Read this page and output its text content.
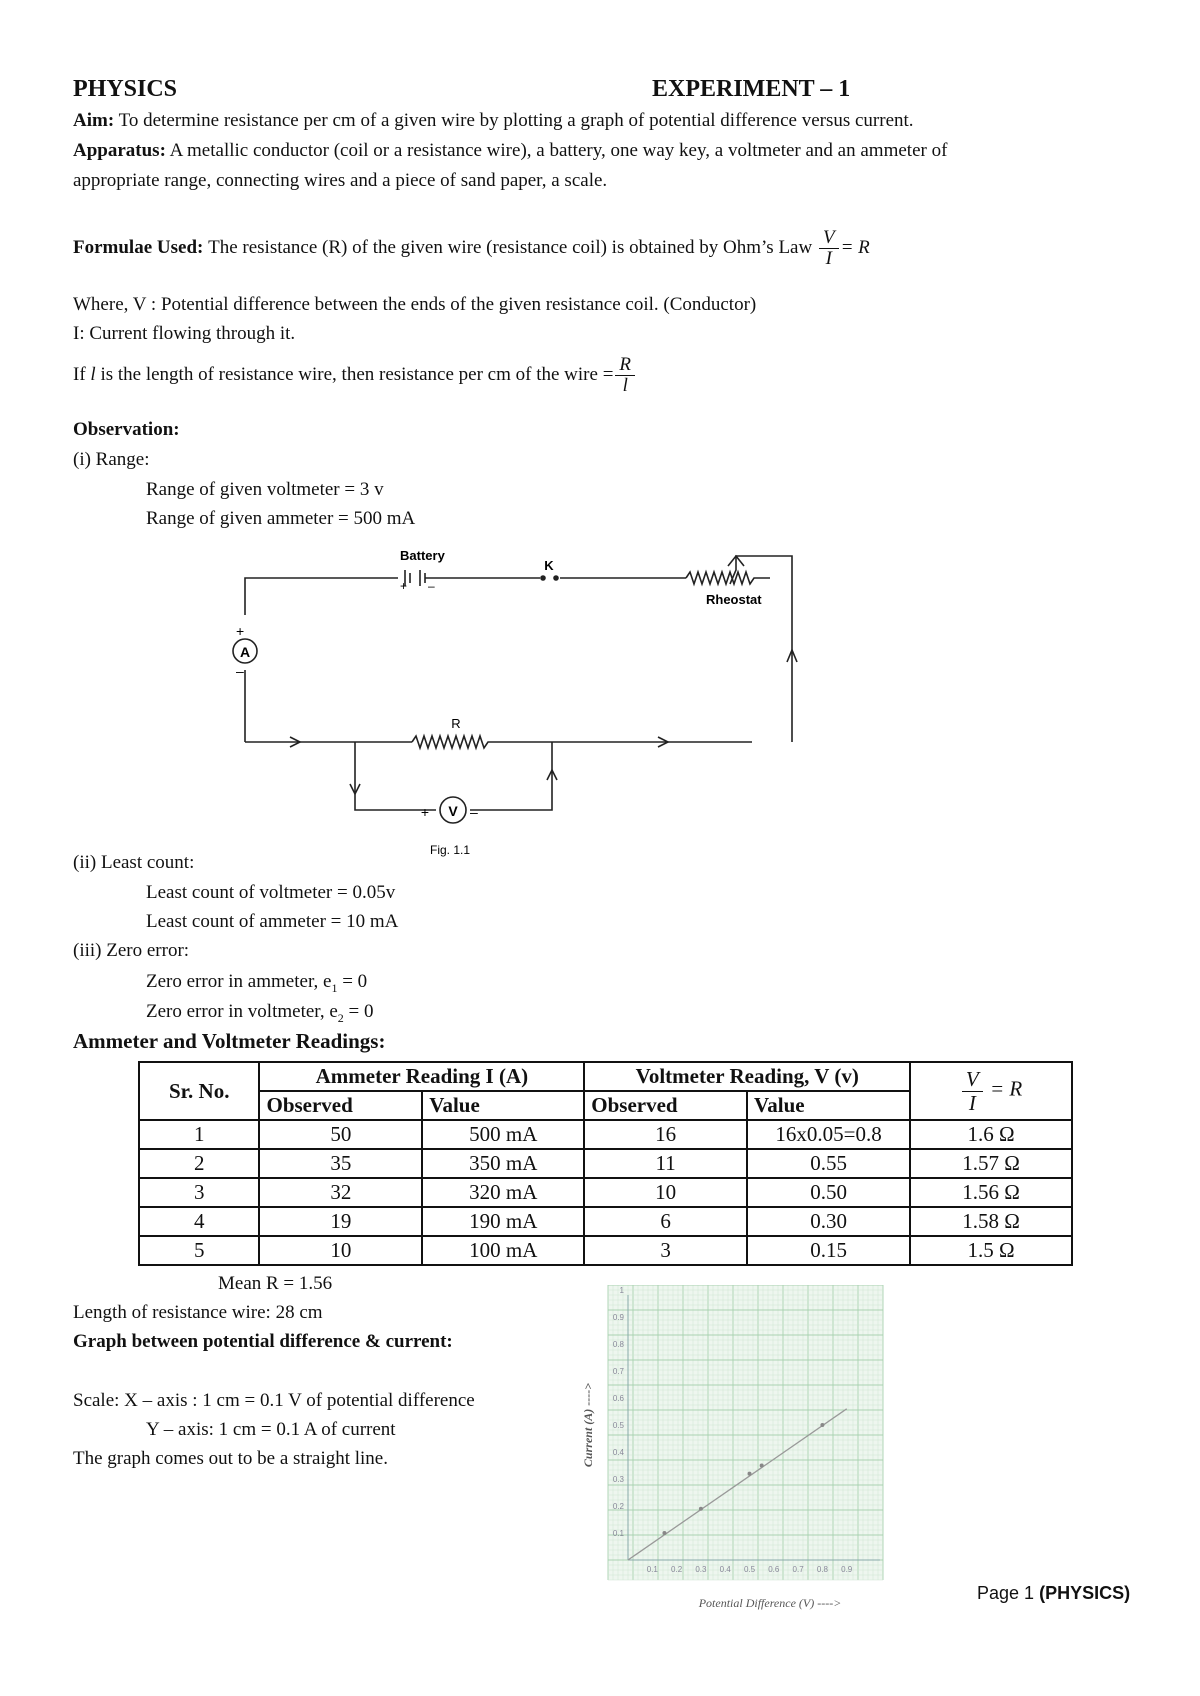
PHYSICS	EXPERIMENT – 1
Aim: To determine resistance per cm of a given wire by plotting a graph of potential difference versus current.
Apparatus: A metallic conductor (coil or a resistance wire), a battery, one way key, a voltmeter and an ammeter of
appropriate range, connecting wires and a piece of sand paper, a scale.
Formulae Used:
The resistance (R) of the given wire (resistance coil) is obtained by Ohm’s Law
$\frac{V}{I} = R$
Where, V : Potential difference between the ends of the given resistance coil. (Conductor)
I: Current flowing through it.
If
l
is the length of resistance wire, then resistance per cm of the wire = $\frac{R}{l}$
Observation:
(i) Range:
Range of given voltmeter = 3 v
Range of given ammeter = 500 mA
A
+
–
V
+	–
Battery
+ –
K
Rheostat
R
Fig. 1.1
(ii) Least count:
Least count of voltmeter = 0.05v
Least count of ammeter = 10 mA
(iii) Zero error:
Zero error in ammeter, $e_1 = 0$
Zero error in voltmeter, $e_2 = 0$
Ammeter and Voltmeter Readings:
Sr. No.	Ammeter Reading I (A)		Voltmeter Reading, V (v)		$\frac{V}{I} = R$
	Observed	Value	Observed	Value	
1	50	500 mA	16	16x0.05=0.8	1.6 Ω
2	35	350 mA	11	0.55	1.57 Ω
3	32	320 mA	10	0.50	1.56 Ω
4	19	190 mA	6	0.30	1.58 Ω
5	10	100 mA	3	0.15	1.5 Ω
Mean R = 1.56
Length of resistance wire: 28 cm
Graph between potential difference & current:
Scale: X – axis : 1 cm = 0.1 V of potential difference
Y – axis: 1 cm = 0.1 A of current
The graph comes out to be a straight line.
0.1 0.2 0.3 0.4 0.5 0.6 0.7 0.8 0.9
0.1
0.2
0.3
0.4
0.5
0.6
0.7
0.8
0.9
1
Potential Difference (V) ---->
Current (A) ---->
Page 1 (PHYSICS)
